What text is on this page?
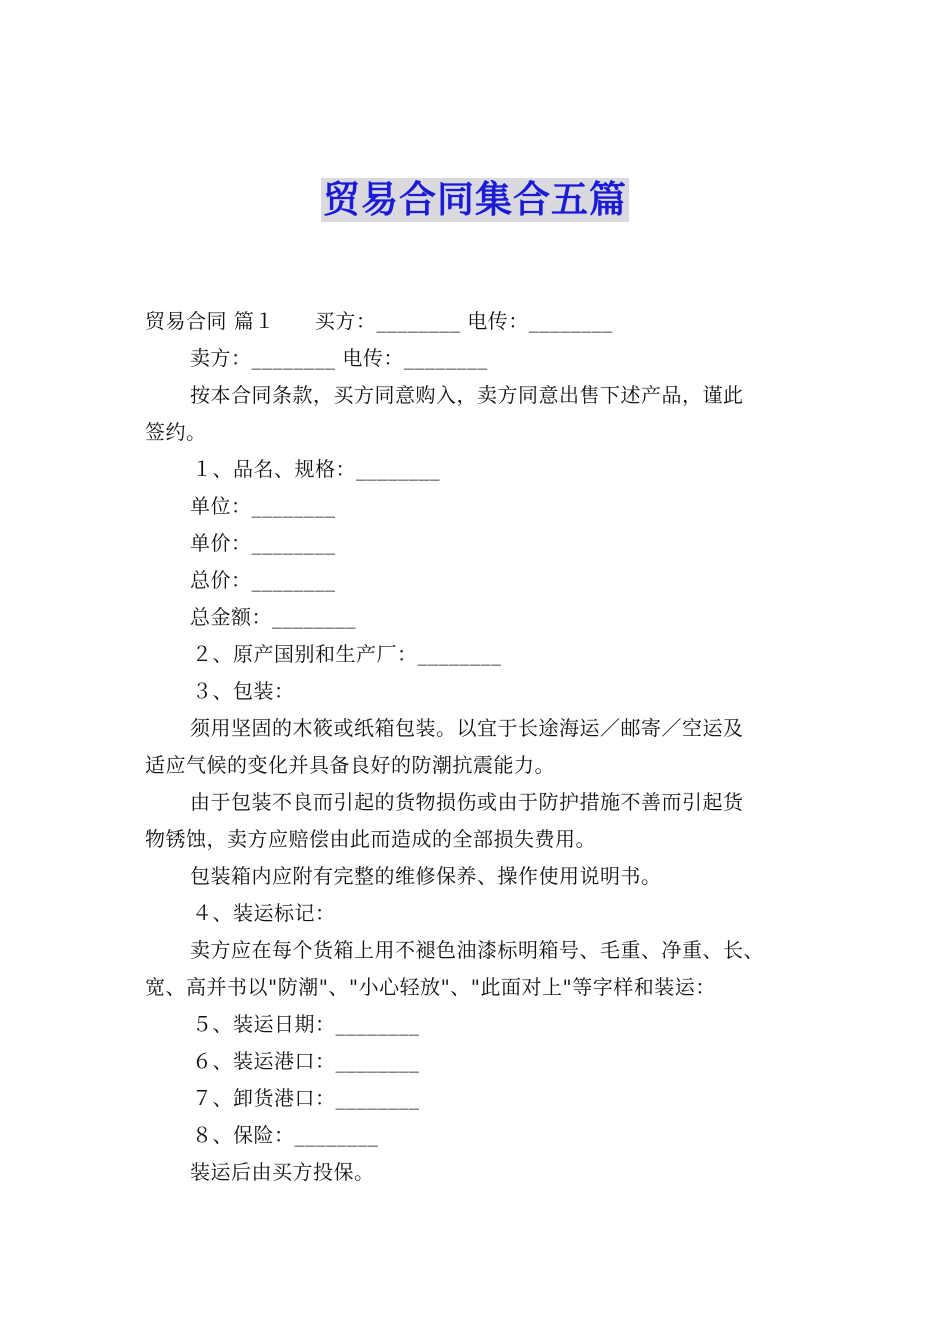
贸易合同集合五篇
贸易合同 篇１ 买方：________ 电传：________
卖方：________ 电传：________
按本合同条款，买方同意购入，卖方同意出售下述产品，谨此
签约。
１、品名、规格：________
单位：________
单价：________
总价：________
总金额：________
２、原产国别和生产厂：________
３、包装：
须用坚固的木筱或纸箱包装。以宜于长途海运／邮寄／空运及
适应气候的变化并具备良好的防潮抗震能力。
由于包装不良而引起的货物损伤或由于防护措施不善而引起货
物锈蚀，卖方应赔偿由此而造成的全部损失费用。
包装箱内应附有完整的维修保养、操作使用说明书。
４、装运标记：
卖方应在每个货箱上用不褪色油漆标明箱号、毛重、净重、长、
宽、高并书以"防潮"、"小心轻放"、"此面对上"等字样和装运：
５、装运日期：________
６、装运港口：________
７、卸货港口：________
８、保险：________
装运后由买方投保。
